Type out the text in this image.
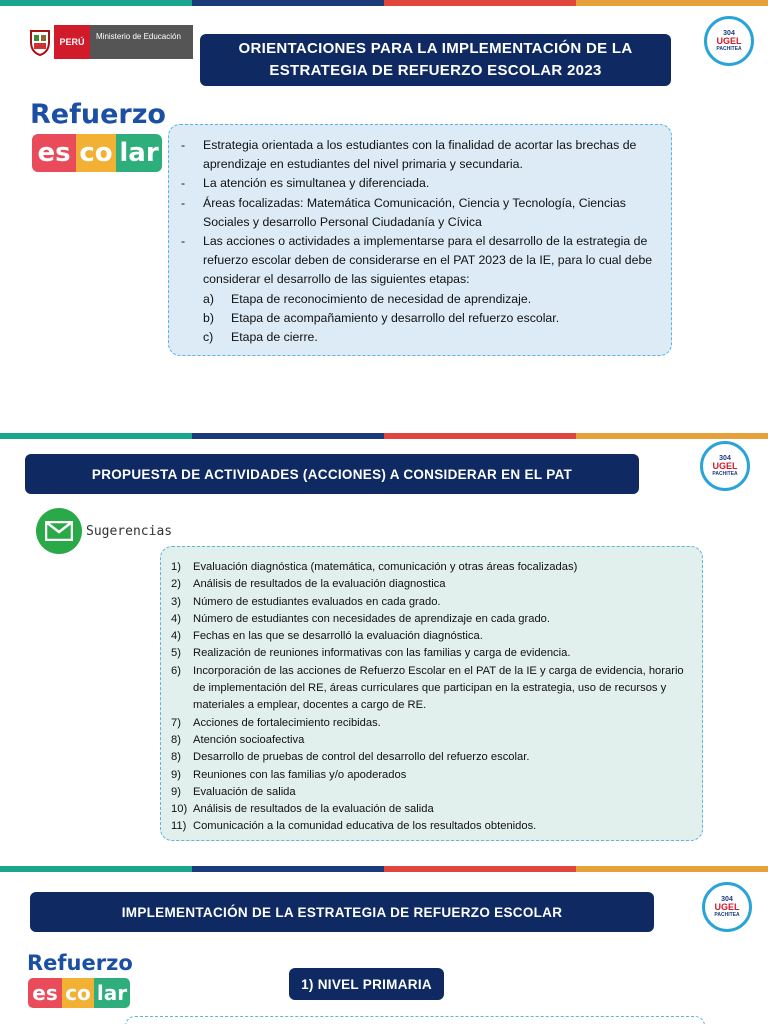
PERÚ
Ministerio de Educación
ORIENTACIONES PARA LA IMPLEMENTACIÓN DE LA
ESTRATEGIA DE REFUERZO ESCOLAR 2023
304
UGEL
PACHITEA
Refuerzo
es co lar
-	Estrategia orientada a los estudiantes con la finalidad de acortar las brechas de aprendizaje en estudiantes del nivel primaria y secundaria.
- La atención es simultanea y diferenciada.
- Áreas focalizadas: Matemática Comunicación, Ciencia y Tecnología, Ciencias Sociales y desarrollo Personal Ciudadanía y Cívica
- Las acciones o actividades a implementarse para el desarrollo de la estrategia de refuerzo escolar deben de considerarse en el PAT 2023 de la IE, para lo cual debe considerar el desarrollo de las siguientes etapas:
a) Etapa de reconocimiento de necesidad de aprendizaje.
b) Etapa de acompañamiento y desarrollo del refuerzo escolar.
c) Etapa de cierre.
PROPUESTA DE ACTIVIDADES (ACCIONES) A CONSIDERAR EN EL PAT
304
UGEL
PACHITEA
Sugerencias
1) Evaluación diagnóstica (matemática, comunicación y otras áreas focalizadas)
2) Análisis de resultados de la evaluación diagnostica
3) Número de estudiantes evaluados en cada grado.
4) Número de estudiantes con necesidades de aprendizaje en cada grado.
4) Fechas en las que se desarrolló la evaluación diagnóstica.
5) Realización de reuniones informativas con las familias y carga de evidencia.
6) Incorporación de las acciones de Refuerzo Escolar en el PAT de la IE y carga de evidencia, horario de implementación del RE, áreas curriculares que participan en la estrategia, uso de recursos y materiales a emplear, docentes a cargo de RE.
7) Acciones de fortalecimiento recibidas.
8) Atención socioafectiva
8) Desarrollo de pruebas de control del desarrollo del refuerzo escolar.
9) Reuniones con las familias y/o apoderados
9) Evaluación de salida
10) Análisis de resultados de la evaluación de salida
11) Comunicación a la comunidad educativa de los resultados obtenidos.
IMPLEMENTACIÓN DE LA ESTRATEGIA DE REFUERZO ESCOLAR
304
UGEL
PACHITEA
Refuerzo
es co lar	1) NIVEL PRIMARIA
